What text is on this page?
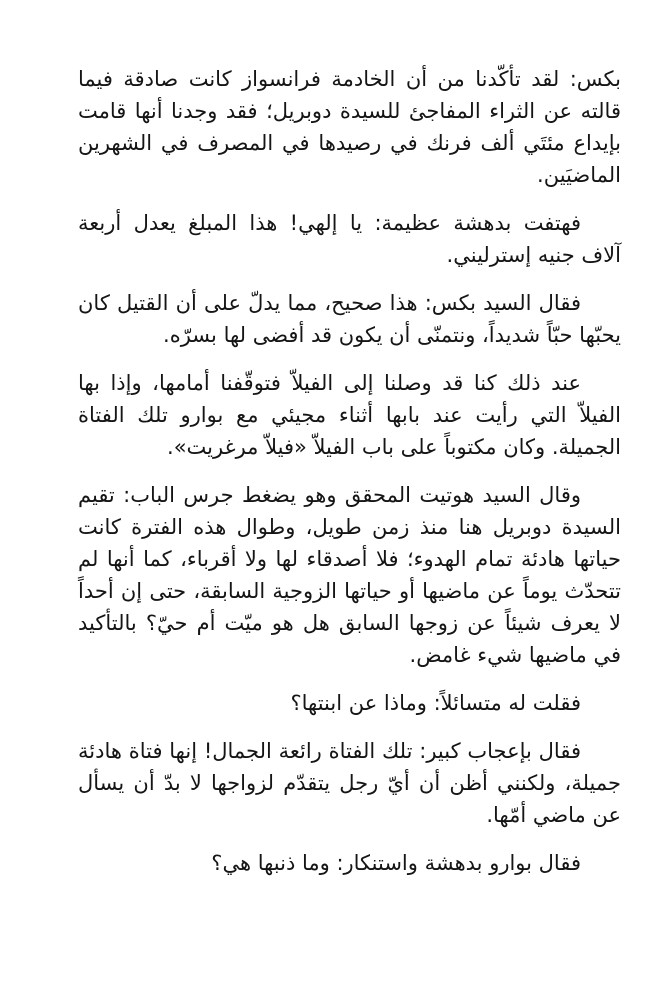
بكس: لقد تأكّدنا من أن الخادمة فرانسواز كانت صادقة فيما قالته عن الثراء المفاجئ للسيدة دوبريل؛ فقد وجدنا أنها قامت بإيداع مئتَي ألف فرنك في رصيدها في المصرف في الشهرين الماضيَين.

فهتفت بدهشة عظيمة: يا إلهي! هذا المبلغ يعدل أربعة آلاف جنيه إسترليني.

فقال السيد بكس: هذا صحيح، مما يدلّ على أن القتيل كان يحبّها حبّاً شديداً، ونتمنّى أن يكون قد أفضى لها بسرّه.

عند ذلك كنا قد وصلنا إلى الفيلاّ فتوقّفنا أمامها، وإذا بها الفيلاّ التي رأيت عند بابها أثناء مجيئي مع بوارو تلك الفتاة الجميلة. وكان مكتوباً على باب الفيلاّ «فيلاّ مرغريت».

وقال السيد هوتيت المحقق وهو يضغط جرس الباب: تقيم السيدة دوبريل هنا منذ زمن طويل، وطوال هذه الفترة كانت حياتها هادئة تمام الهدوء؛ فلا أصدقاء لها ولا أقرباء، كما أنها لم تتحدّث يوماً عن ماضيها أو حياتها الزوجية السابقة، حتى إن أحداً لا يعرف شيئاً عن زوجها السابق هل هو ميّت أم حيّ؟ بالتأكيد في ماضيها شيء غامض.

فقلت له متسائلاً: وماذا عن ابنتها؟

فقال بإعجاب كبير: تلك الفتاة رائعة الجمال! إنها فتاة هادئة جميلة، ولكنني أظن أن أيّ رجل يتقدّم لزواجها لا بدّ أن يسأل عن ماضي أمّها.

فقال بوارو بدهشة واستنكار: وما ذنبها هي؟
